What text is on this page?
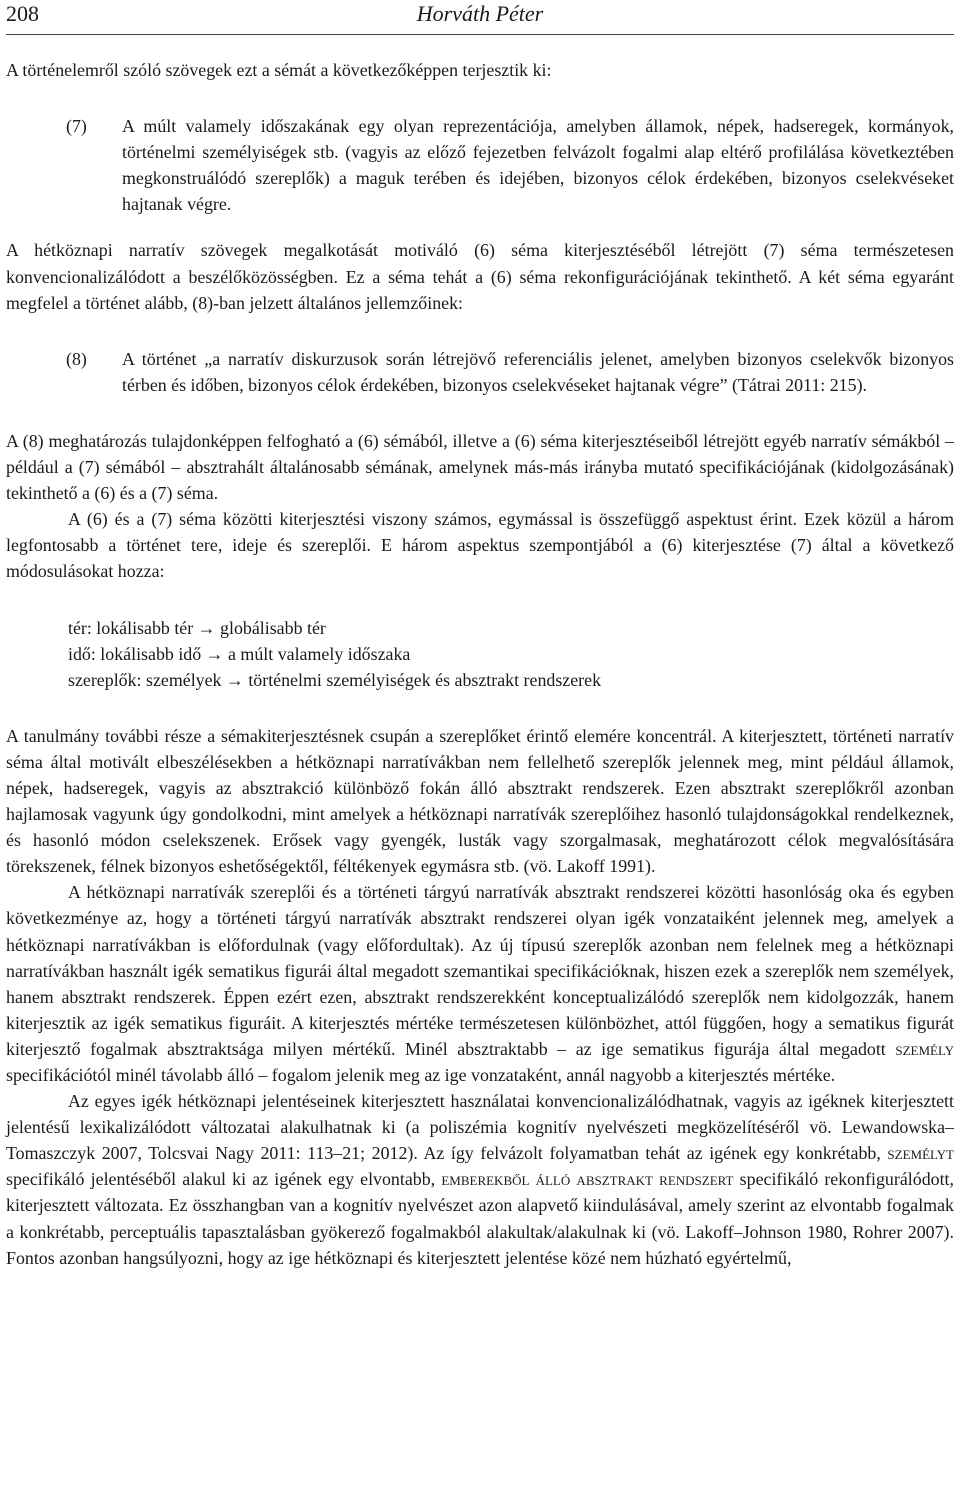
208	Horváth Péter

A történelemről szóló szövegek ezt a sémát a következőképpen terjesztik ki:

(7)	A múlt valamely időszakának egy olyan reprezentációja, amelyben államok, népek, hadseregek, kormányok, történelmi személyiségek stb. (vagyis az előző fejezetben felvázolt fogalmi alap eltérő profilálása következtében megkonstruálódó szereplők) a maguk terében és idejében, bizonyos célok érdekében, bizonyos cselekvéseket hajtanak végre.

A hétköznapi narratív szövegek megalkotását motiváló (6) séma kiterjesztéséből létrejött (7) séma természetesen konvencionalizálódott a beszélőközösségben. Ez a séma tehát a (6) séma rekonfigurációjának tekinthető. A két séma egyaránt megfelel a történet alább, (8)-ban jelzett általános jellemzőinek:

(8)	A történet „a narratív diskurzusok során létrejövő referenciális jelenet, amelyben bizonyos cselekvők bizonyos térben és időben, bizonyos célok érdekében, bizonyos cselekvéseket hajtanak végre” (Tátrai 2011: 215).

A (8) meghatározás tulajdonképpen felfogható a (6) sémából, illetve a (6) séma kiterjesztéseiből létrejött egyéb narratív sémákból – például a (7) sémából – absztrahált általánosabb sémának, amelynek más-más irányba mutató specifikációjának (kidolgozásának) tekinthető a (6) és a (7) séma.

A (6) és a (7) séma közötti kiterjesztési viszony számos, egymással is összefüggő aspektust érint. Ezek közül a három legfontosabb a történet tere, ideje és szereplői. E három aspektus szempontjából a (6) kiterjesztése (7) által a következő módosulásokat hozza:

tér: lokálisabb tér → globálisabb tér
idő: lokálisabb idő → a múlt valamely időszaka
szereplők: személyek → történelmi személyiségek és absztrakt rendszerek

A tanulmány további része a sémakiterjesztésnek csupán a szereplőket érintő elemére koncentrál. A kiterjesztett, történeti narratív séma által motivált elbeszélésekben a hétköznapi narratívákban nem fellelhető szereplők jelennek meg, mint például államok, népek, hadseregek, vagyis az absztrakció különböző fokán álló absztrakt rendszerek. Ezen absztrakt szereplőkről azonban hajlamosak vagyunk úgy gondolkodni, mint amelyek a hétköznapi narratívák szereplőihez hasonló tulajdonságokkal rendelkeznek, és hasonló módon cselekszenek. Erősek vagy gyengék, lusták vagy szorgalmasak, meghatározott célok megvalósítására törekszenek, félnek bizonyos eshetőségektől, féltékenyek egymásra stb. (vö. Lakoff 1991).

A hétköznapi narratívák szereplői és a történeti tárgyú narratívák absztrakt rendszerei közötti hasonlóság oka és egyben következménye az, hogy a történeti tárgyú narratívák absztrakt rendszerei olyan igék vonzataiként jelennek meg, amelyek a hétköznapi narratívákban is előfordulnak (vagy előfordultak). Az új típusú szereplők azonban nem felelnek meg a hétköznapi narratívákban használt igék sematikus figurái által megadott szemantikai specifikációknak, hiszen ezek a szereplők nem személyek, hanem absztrakt rendszerek. Éppen ezért ezen, absztrakt rendszerekként konceptualizálódó szereplők nem kidolgozzák, hanem kiterjesztik az igék sematikus figuráit. A kiterjesztés mértéke természetesen különbözhet, attól függően, hogy a sematikus figurát kiterjesztő fogalmak absztraktsága milyen mértékű. Minél absztraktabb – az ige sematikus figurája által megadott személy specifikációtól minél távolabb álló – fogalom jelenik meg az ige vonzataként, annál nagyobb a kiterjesztés mértéke.

Az egyes igék hétköznapi jelentéseinek kiterjesztett használatai konvencionalizálódhatnak, vagyis az igéknek kiterjesztett jelentésű lexikalizálódott változatai alakulhatnak ki (a poliszémia kognitív nyelvészeti megközelítéséről vö. Lewandowska–Tomaszczyk 2007, Tolcsvai Nagy 2011: 113–21; 2012). Az így felvázolt folyamatban tehát az igének egy konkrétabb, személyt specifikáló jelentéséből alakul ki az igének egy elvontabb, emberekből álló absztrakt rendszert specifikáló rekonfigurálódott, kiterjesztett változata. Ez összhangban van a kognitív nyelvészet azon alapvető kiindulásával, amely szerint az elvontabb fogalmak a konkrétabb, perceptuális tapasztalásban gyökerező fogalmakból alakultak/alakulnak ki (vö. Lakoff–Johnson 1980, Rohrer 2007). Fontos azonban hangsúlyozni, hogy az ige hétköznapi és kiterjesztett jelentése közé nem húzható egyértelmű,
